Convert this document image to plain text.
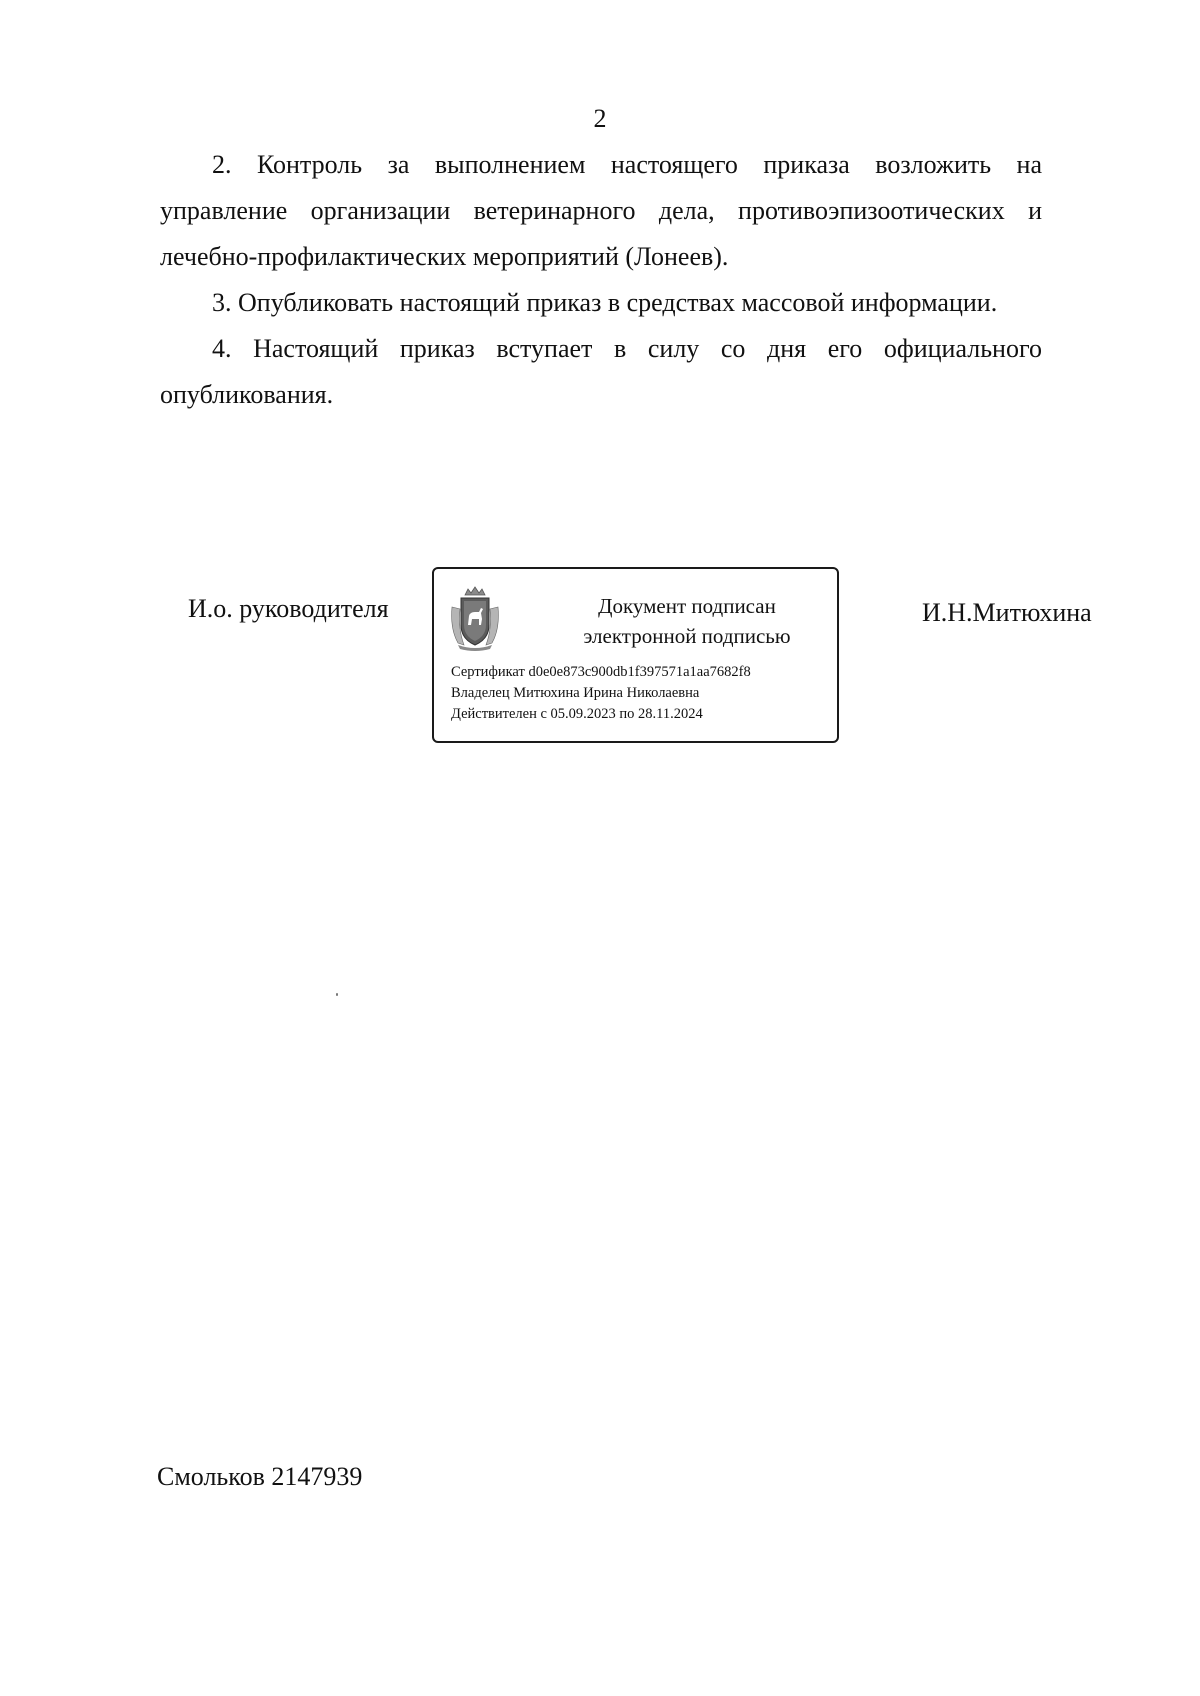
2

2. Контроль за выполнением настоящего приказа возложить на управление организации ветеринарного дела, противоэпизоотических и лечебно-профилактических мероприятий (Лонеев).

3. Опубликовать настоящий приказ в средствах массовой информации.

4. Настоящий приказ вступает в силу со дня его официального опубликования.

И.о. руководителя	Документ подписан
электронной подписью
Сертификат d0e0e873c900db1f397571a1aa7682f8
Владелец Митюхина Ирина Николаевна
Действителен с 05.09.2023 по 28.11.2024
И.Н.Митюхина
Смольков 2147939
